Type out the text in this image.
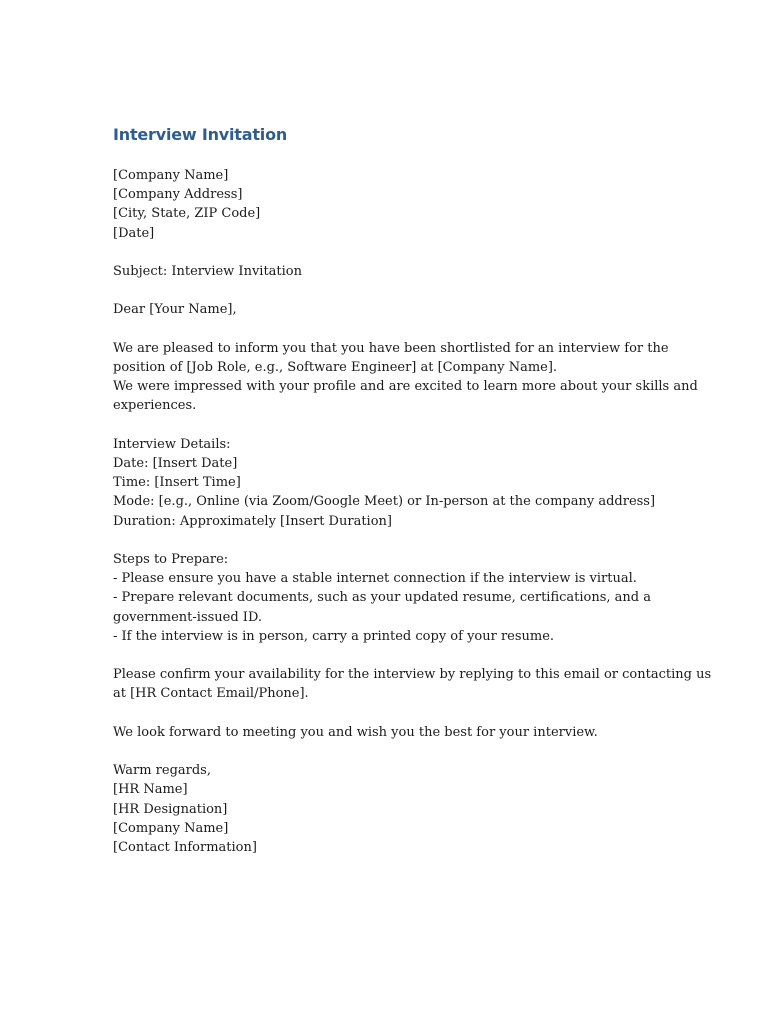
Interview Invitation
[Company Name]
[Company Address]
[City, State, ZIP Code]
[Date]
Subject: Interview Invitation
Dear [Your Name],
We are pleased to inform you that you have been shortlisted for an interview for the
position of [Job Role, e.g., Software Engineer] at [Company Name].
We were impressed with your profile and are excited to learn more about your skills and
experiences.
Interview Details:
Date: [Insert Date]
Time: [Insert Time]
Mode: [e.g., Online (via Zoom/Google Meet) or In-person at the company address]
Duration: Approximately [Insert Duration]
Steps to Prepare:
- Please ensure you have a stable internet connection if the interview is virtual.
- Prepare relevant documents, such as your updated resume, certifications, and a
government-issued ID.
- If the interview is in person, carry a printed copy of your resume.
Please confirm your availability for the interview by replying to this email or contacting us
at [HR Contact Email/Phone].
We look forward to meeting you and wish you the best for your interview.
Warm regards,
[HR Name]
[HR Designation]
[Company Name]
[Contact Information]
